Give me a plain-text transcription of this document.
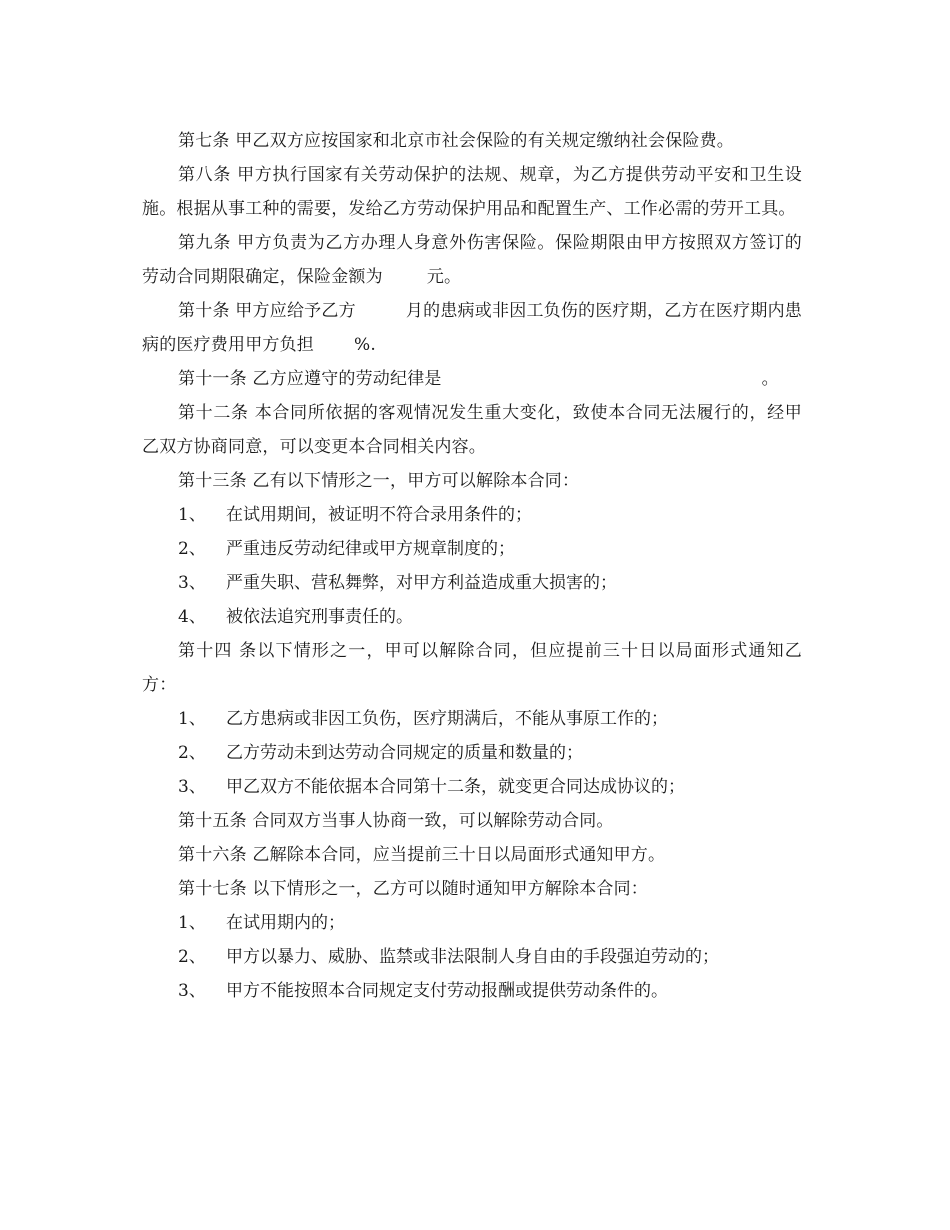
第七条 甲乙双方应按国家和北京市社会保险的有关规定缴纳社会保险费。

第八条 甲方执行国家有关劳动保护的法规、规章，为乙方提供劳动平安和卫生设施。根据从事工种的需要，发给乙方劳动保护用品和配置生产、工作必需的劳开工具。

第九条 甲方负责为乙方办理人身意外伤害保险。保险期限由甲方按照双方签订的劳动合同期限确定，保险金额为	元。

第十条 甲方应给予乙方	月的患病或非因工负伤的医疗期，乙方在医疗期内患病的医疗费用甲方负担 %.

第十一条 乙方应遵守的劳动纪律是	。

第十二条 本合同所依据的客观情况发生重大变化，致使本合同无法履行的，经甲乙双方协商同意，可以变更本合同相关内容。

第十三条 乙有以下情形之一，甲方可以解除本合同：

1、 在试用期间，被证明不符合录用条件的；

2、 严重违反劳动纪律或甲方规章制度的；

3、 严重失职、营私舞弊，对甲方利益造成重大损害的；

4、 被依法追究刑事责任的。

第十四 条以下情形之一，甲可以解除合同，但应提前三十日以局面形式通知乙方：

1、 乙方患病或非因工负伤，医疗期满后，不能从事原工作的；

2、 乙方劳动未到达劳动合同规定的质量和数量的；

3、 甲乙双方不能依据本合同第十二条，就变更合同达成协议的；

第十五条 合同双方当事人协商一致，可以解除劳动合同。

第十六条 乙解除本合同，应当提前三十日以局面形式通知甲方。

第十七条 以下情形之一，乙方可以随时通知甲方解除本合同：

1、 在试用期内的；

2、 甲方以暴力、威胁、监禁或非法限制人身自由的手段强迫劳动的；

3、 甲方不能按照本合同规定支付劳动报酬或提供劳动条件的。
